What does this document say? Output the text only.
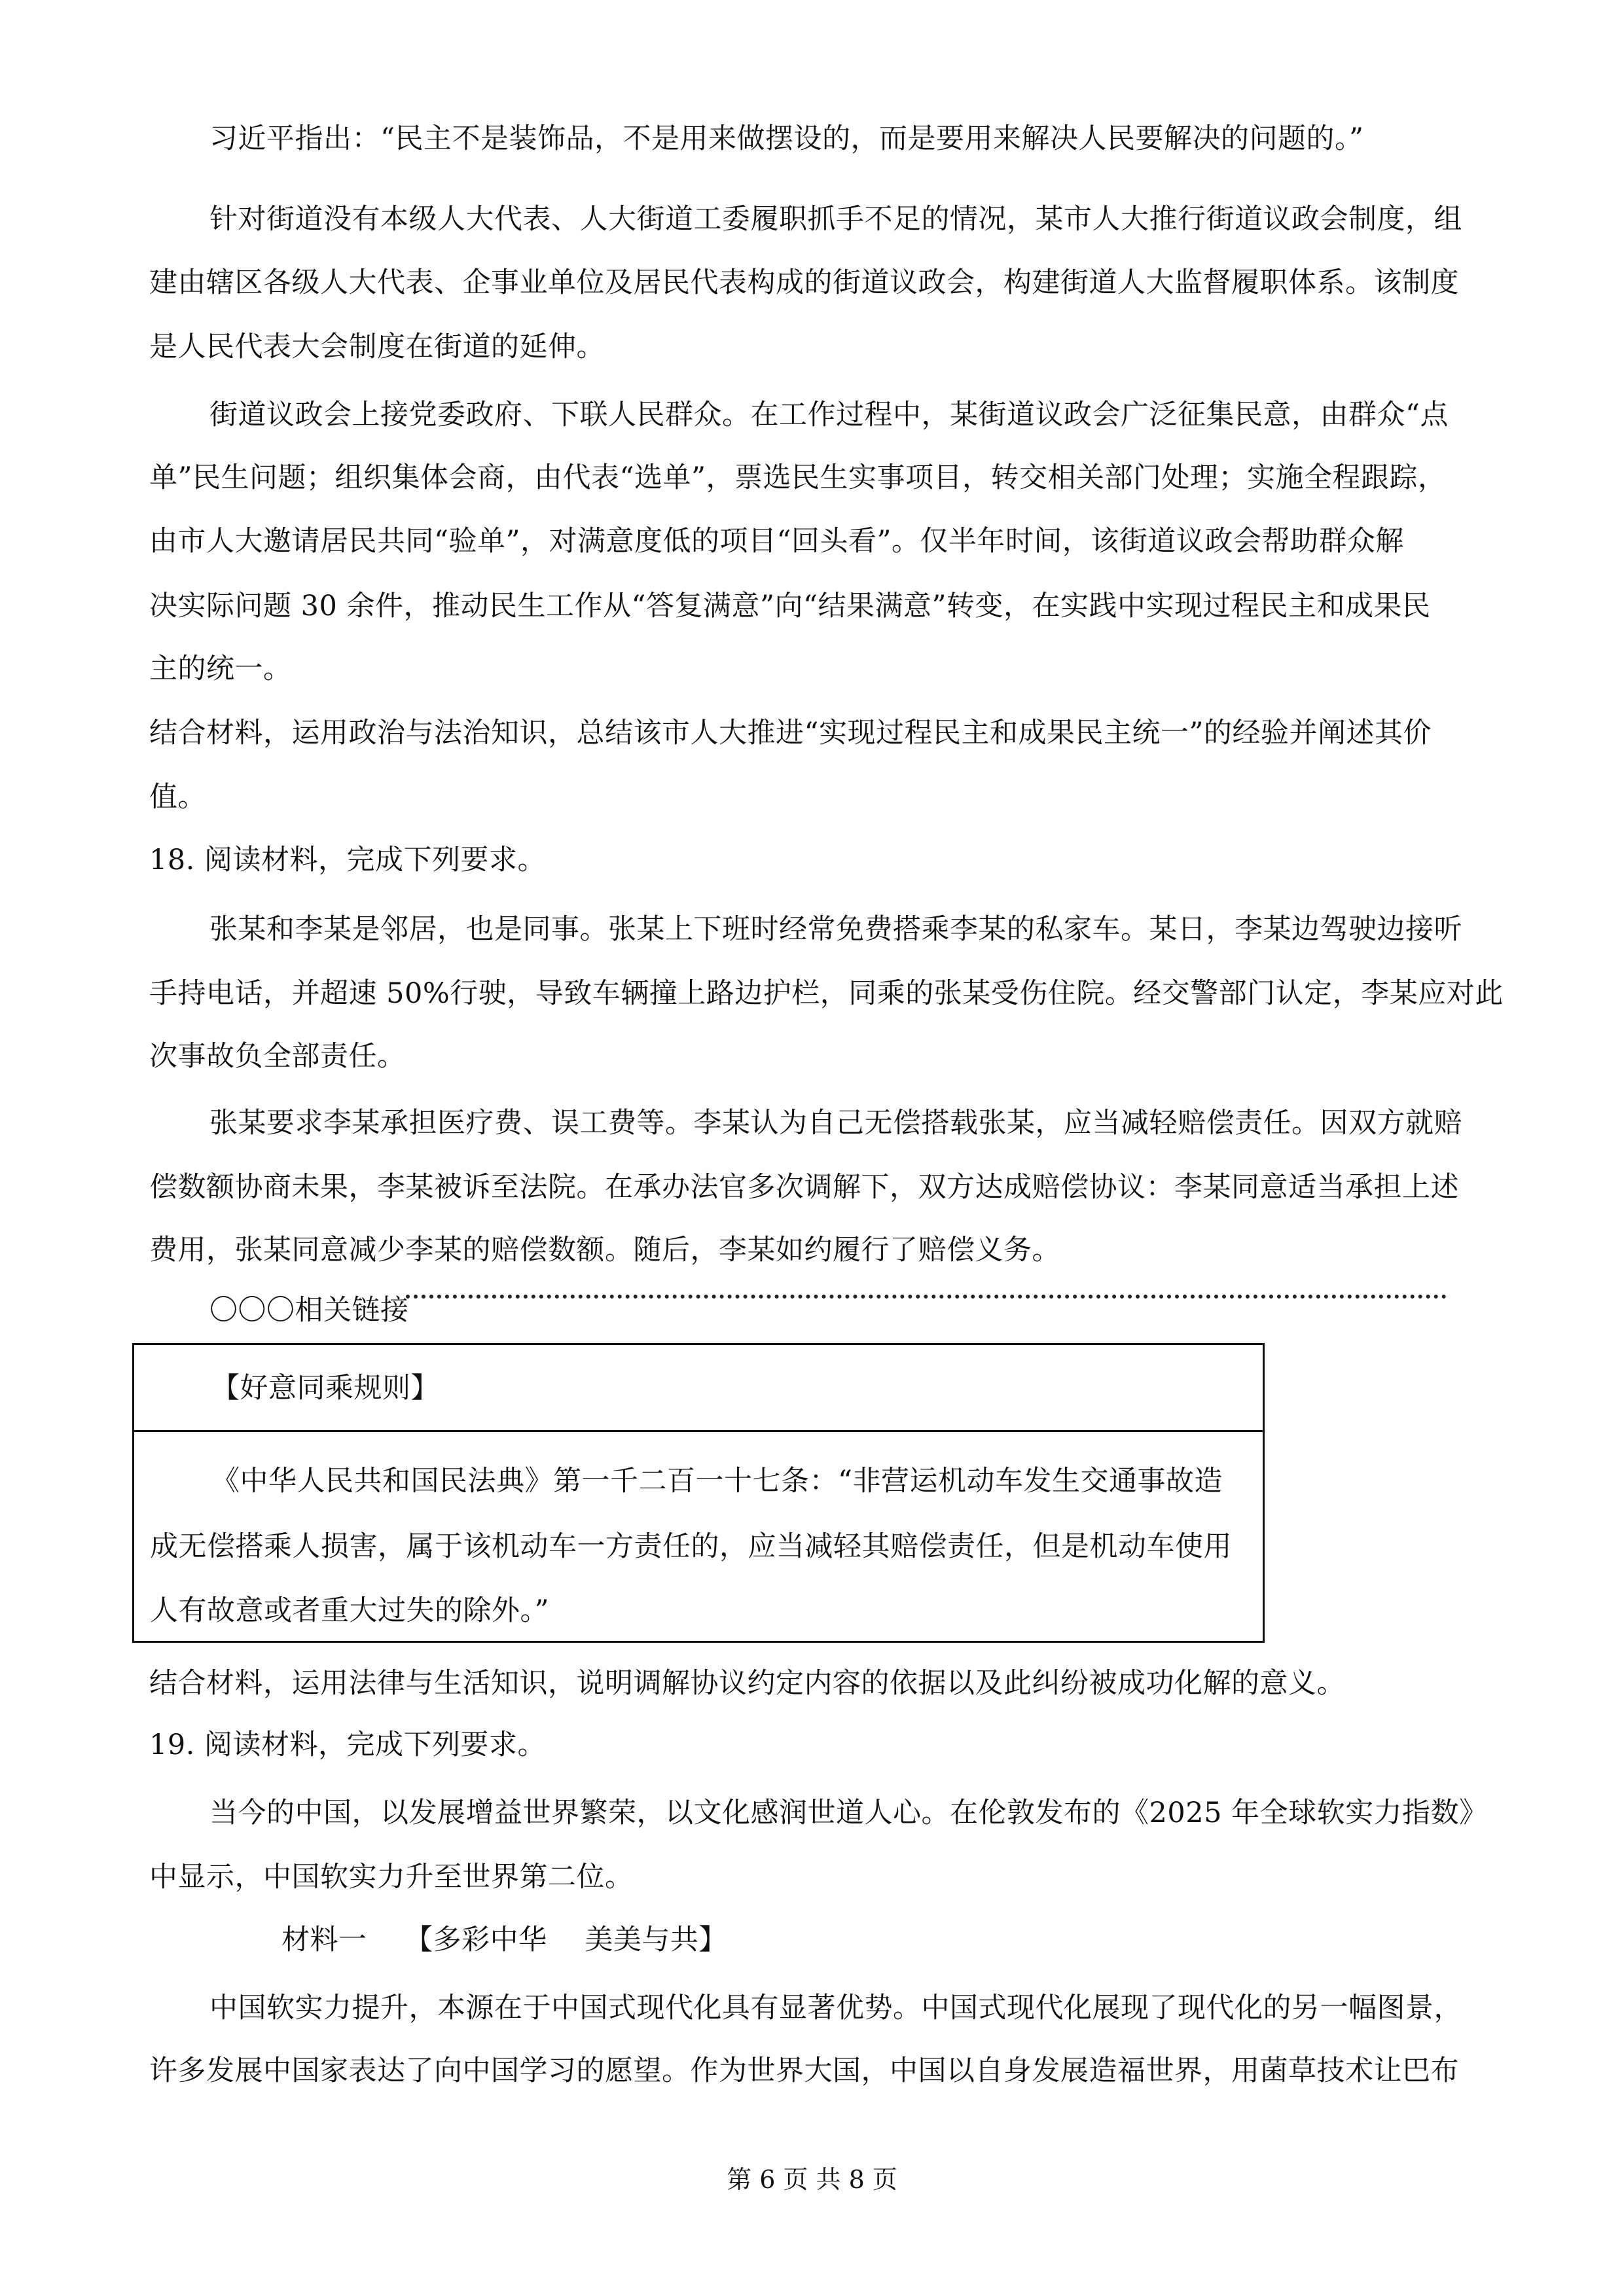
习近平指出：“民主不是装饰品，不是用来做摆设的，而是要用来解决人民要解决的问题的。”
针对街道没有本级人大代表、人大街道工委履职抓手不足的情况，某市人大推行街道议政会制度，组
建由辖区各级人大代表、企事业单位及居民代表构成的街道议政会，构建街道人大监督履职体系。该制度
是人民代表大会制度在街道的延伸。
街道议政会上接党委政府、下联人民群众。在工作过程中，某街道议政会广泛征集民意，由群众“点
单”民生问题；组织集体会商，由代表“选单”，票选民生实事项目，转交相关部门处理；实施全程跟踪，
由市人大邀请居民共同“验单”，对满意度低的项目“回头看”。仅半年时间，该街道议政会帮助群众解
决实际问题 30 余件，推动民生工作从“答复满意”向“结果满意”转变，在实践中实现过程民主和成果民
主的统一。
结合材料，运用政治与法治知识，总结该市人大推进“实现过程民主和成果民主统一”的经验并阐述其价
值。
18. 阅读材料，完成下列要求。
张某和李某是邻居，也是同事。张某上下班时经常免费搭乘李某的私家车。某日，李某边驾驶边接听
手持电话，并超速 50%行驶，导致车辆撞上路边护栏，同乘的张某受伤住院。经交警部门认定，李某应对此
次事故负全部责任。
张某要求李某承担医疗费、误工费等。李某认为自己无偿搭载张某，应当减轻赔偿责任。因双方就赔
偿数额协商未果，李某被诉至法院。在承办法官多次调解下，双方达成赔偿协议：李某同意适当承担上述
费用，张某同意减少李某的赔偿数额。随后，李某如约履行了赔偿义务。
〇〇〇相关链接
【好意同乘规则】
《中华人民共和国民法典》第一千二百一十七条：“非营运机动车发生交通事故造
成无偿搭乘人损害，属于该机动车一方责任的，应当减轻其赔偿责任，但是机动车使用
人有故意或者重大过失的除外。”
结合材料，运用法律与生活知识，说明调解协议约定内容的依据以及此纠纷被成功化解的意义。
19. 阅读材料，完成下列要求。
当今的中国，以发展增益世界繁荣，以文化感润世道人心。在伦敦发布的《2025 年全球软实力指数》
中显示，中国软实力升至世界第二位。
材料一　 【多彩中华　 美美与共】
中国软实力提升，本源在于中国式现代化具有显著优势。中国式现代化展现了现代化的另一幅图景，
许多发展中国家表达了向中国学习的愿望。作为世界大国，中国以自身发展造福世界，用菌草技术让巴布
第 6 页 共 8 页
